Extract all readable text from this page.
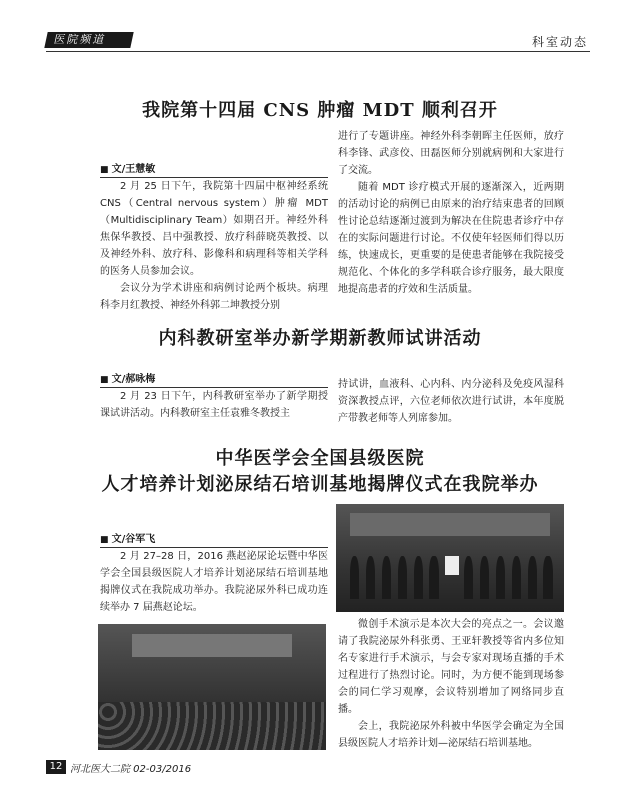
医院频道	科室动态
我院第十四届 CNS 肿瘤 MDT 顺利召开
■ 文/王慧敏

2 月 25 日下午，我院第十四届中枢神经系统 CNS（Central nervous system）肿瘤 MDT（Multidisciplinary Team）如期召开。神经外科焦保华教授、吕中强教授、放疗科薛晓英教授、以及神经外科、放疗科、影像科和病理科等相关学科的医务人员参加会议。

会议分为学术讲座和病例讨论两个板块。病理科李月红教授、神经外科郭二坤教授分别

进行了专题讲座。神经外科李朝晖主任医师，放疗科李锋、武彦佼、田磊医师分别就病例和大家进行了交流。

随着 MDT 诊疗模式开展的逐渐深入，近两期的活动讨论的病例已由原来的治疗结束患者的回顾性讨论总结逐渐过渡到为解决在住院患者诊疗中存在的实际问题进行讨论。不仅使年轻医师们得以历练，快速成长，更重要的是使患者能够在我院接受规范化、个体化的多学科联合诊疗服务，最大限度地提高患者的疗效和生活质量。

内科教研室举办新学期新教师试讲活动
■ 文/郝咏梅

2 月 23 日下午，内科教研室举办了新学期授课试讲活动。内科教研室主任袁雅冬教授主

持试讲，血液科、心内科、内分泌科及免疫风湿科资深教授点评，六位老师依次进行试讲，本年度脱产带教老师等人列席参加。

中华医学会全国县级医院
人才培养计划泌尿结石培训基地揭牌仪式在我院举办
■ 文/谷军飞

2 月 27–28 日，2016 燕赵泌尿论坛暨中华医学会全国县级医院人才培养计划泌尿结石培训基地揭牌仪式在我院成功举办。我院泌尿外科已成功连续举办 7 届燕赵论坛。

微创手术演示是本次大会的亮点之一。会议邀请了我院泌尿外科张勇、王亚轩教授等省内多位知名专家进行手术演示，与会专家对现场直播的手术过程进行了热烈讨论。同时，为方便不能到现场参会的同仁学习观摩，会议特别增加了网络同步直播。

会上，我院泌尿外科被中华医学会确定为全国县级医院人才培养计划—泌尿结石培训基地。

12 河北医大二院 02-03/2016
